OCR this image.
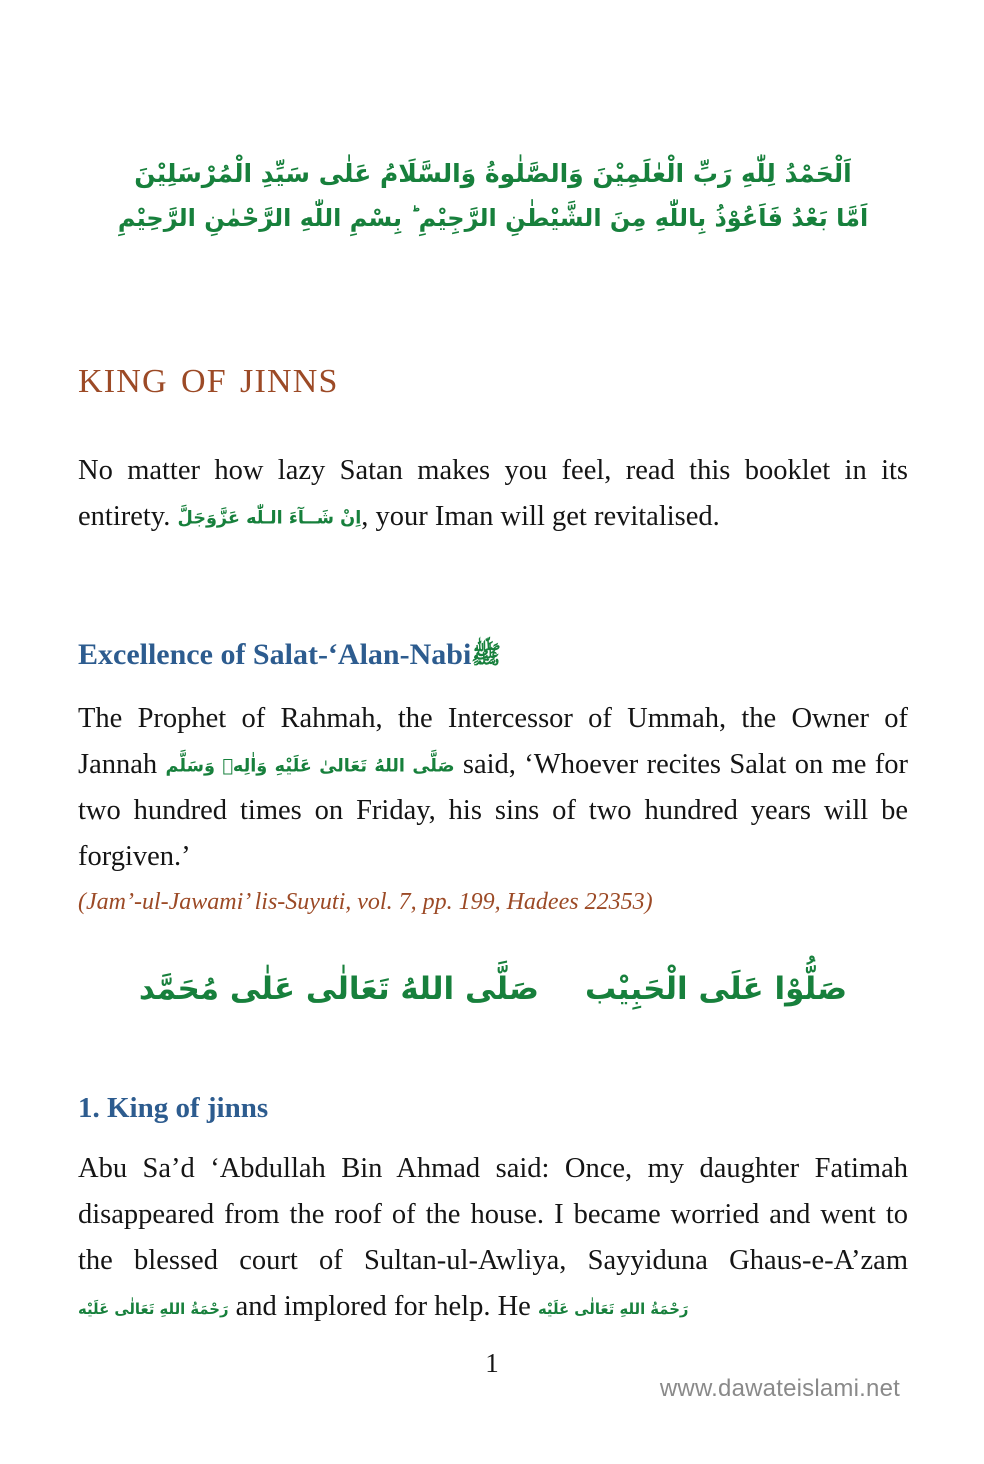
اَلْحَمْدُ لِلّٰهِ رَبِّ الْعٰلَمِيْنَ وَالصَّلٰوةُ وَالسَّلَامُ عَلٰى سَيِّدِ الْمُرْسَلِيْنَ
اَمَّا بَعْدُ فَاَعُوْذُ بِاللّٰهِ مِنَ الشَّيْطٰنِ الرَّجِيْمِ ؕ بِسْمِ اللّٰهِ الرَّحْمٰنِ الرَّحِيْمِ
king of jinns

No matter how lazy Satan makes you feel, read this booklet in its entirety. اِنْ شَــآءَ الـلّٰه عَزَّوَجَلَّ, your Iman will get revitalised.

Excellence of Salat-‘Alan-Nabiﷺ

The Prophet of Rahmah, the Intercessor of Ummah, the Owner of Jannah صَلَّى اللهُ تَعَالىٰ عَلَيْهِ وَاٰلِهٖ وَسَلَّم said, ‘Whoever recites Salat on me for two hundred times on Friday, his sins of two hundred years will be forgiven.’

(Jam’-ul-Jawami’ lis-Suyuti, vol. 7, pp. 199, Hadees 22353)

صَلُّوْا عَلَى الْحَبِيْبصَلَّى اللهُ تَعَالٰى عَلٰى مُحَمَّد
1. King of jinns

Abu Sa’d ‘Abdullah Bin Ahmad said: Once, my daughter Fatimah disappeared from the roof of the house. I became worried and went to the blessed court of Sultan-ul-Awliya, Sayyiduna Ghaus-e-A’zam رَحْمَةُ اللهِ تَعَالٰى عَلَيْه and implored for help. He رَحْمَةُ اللهِ تَعَالٰى عَلَيْه

1
www.dawateislami.net
